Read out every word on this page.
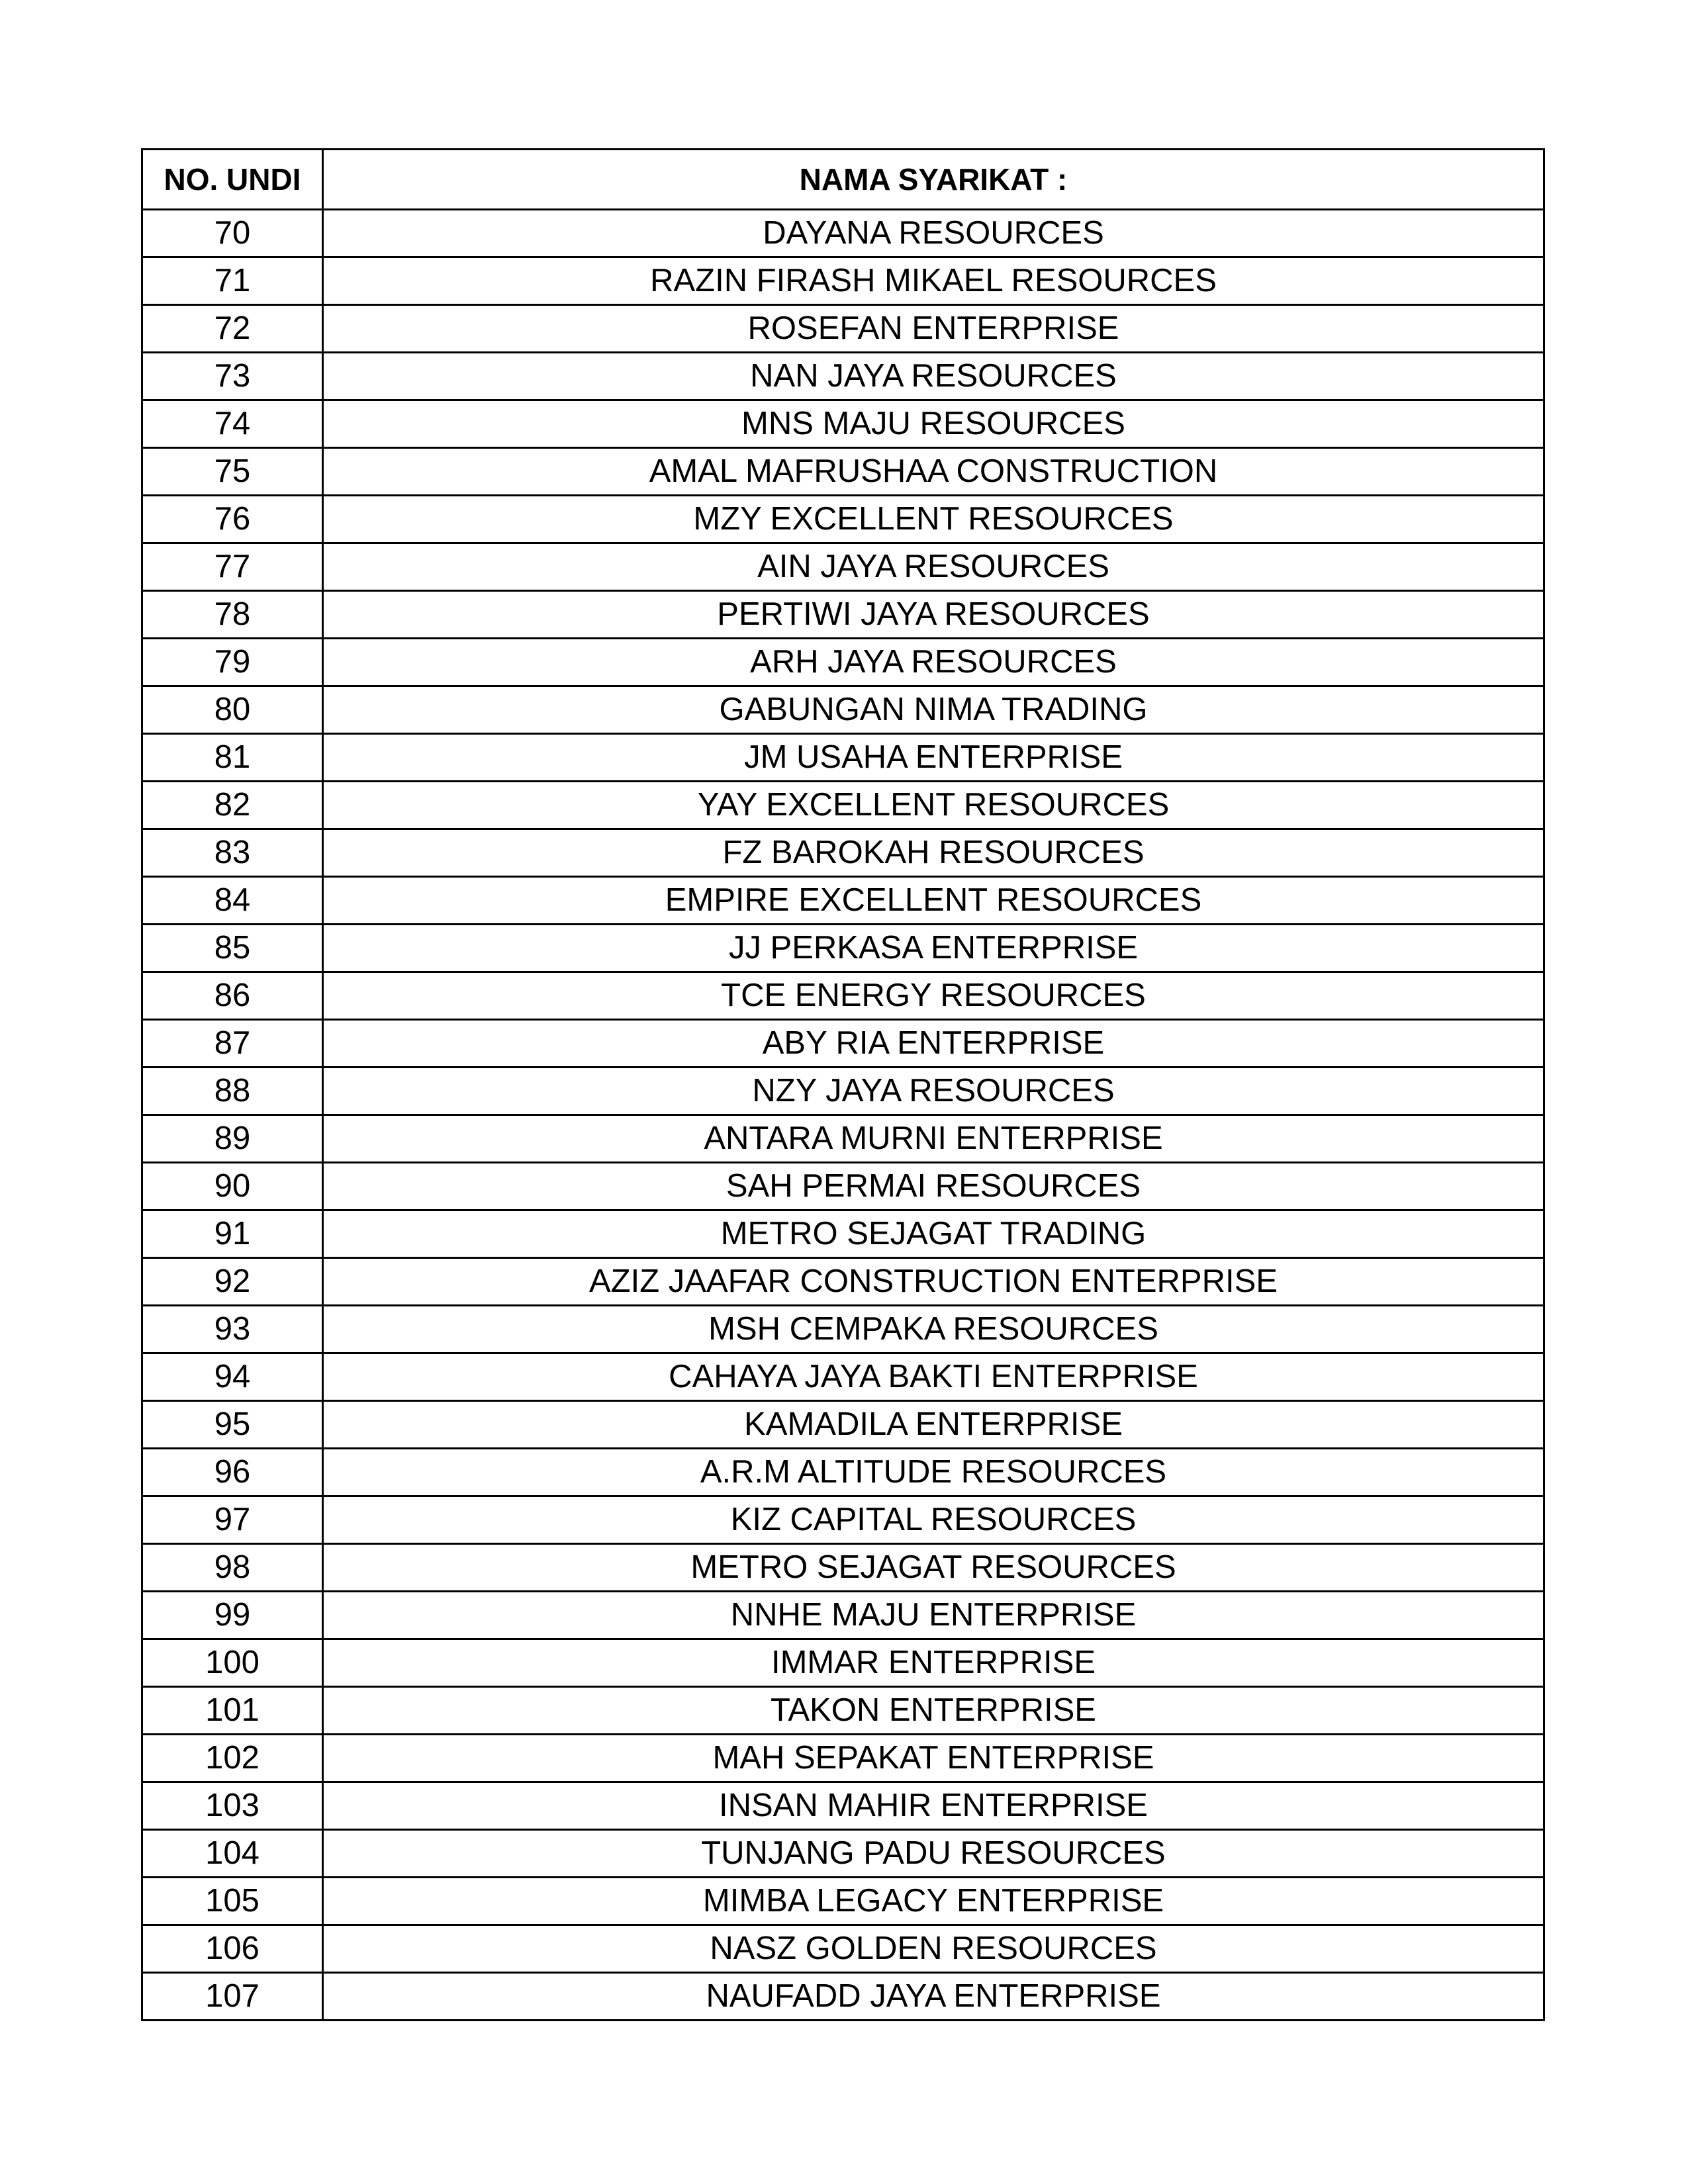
NO. UNDI	NAMA SYARIKAT :
70	DAYANA RESOURCES
71	RAZIN FIRASH MIKAEL RESOURCES
72	ROSEFAN ENTERPRISE
73	NAN JAYA RESOURCES
74	MNS MAJU RESOURCES
75	AMAL MAFRUSHAA CONSTRUCTION
76	MZY EXCELLENT RESOURCES
77	AIN JAYA RESOURCES
78	PERTIWI JAYA RESOURCES
79	ARH JAYA RESOURCES
80	GABUNGAN NIMA TRADING
81	JM USAHA ENTERPRISE
82	YAY EXCELLENT RESOURCES
83	FZ BAROKAH RESOURCES
84	EMPIRE EXCELLENT RESOURCES
85	JJ PERKASA ENTERPRISE
86	TCE ENERGY RESOURCES
87	ABY RIA ENTERPRISE
88	NZY JAYA RESOURCES
89	ANTARA MURNI ENTERPRISE
90	SAH PERMAI RESOURCES
91	METRO SEJAGAT TRADING
92	AZIZ JAAFAR CONSTRUCTION ENTERPRISE
93	MSH CEMPAKA RESOURCES
94	CAHAYA JAYA BAKTI ENTERPRISE
95	KAMADILA ENTERPRISE
96	A.R.M ALTITUDE RESOURCES
97	KIZ CAPITAL RESOURCES
98	METRO SEJAGAT RESOURCES
99	NNHE MAJU ENTERPRISE
100	IMMAR ENTERPRISE
101	TAKON ENTERPRISE
102	MAH SEPAKAT ENTERPRISE
103	INSAN MAHIR ENTERPRISE
104	TUNJANG PADU RESOURCES
105	MIMBA LEGACY ENTERPRISE
106	NASZ GOLDEN RESOURCES
107	NAUFADD JAYA ENTERPRISE
